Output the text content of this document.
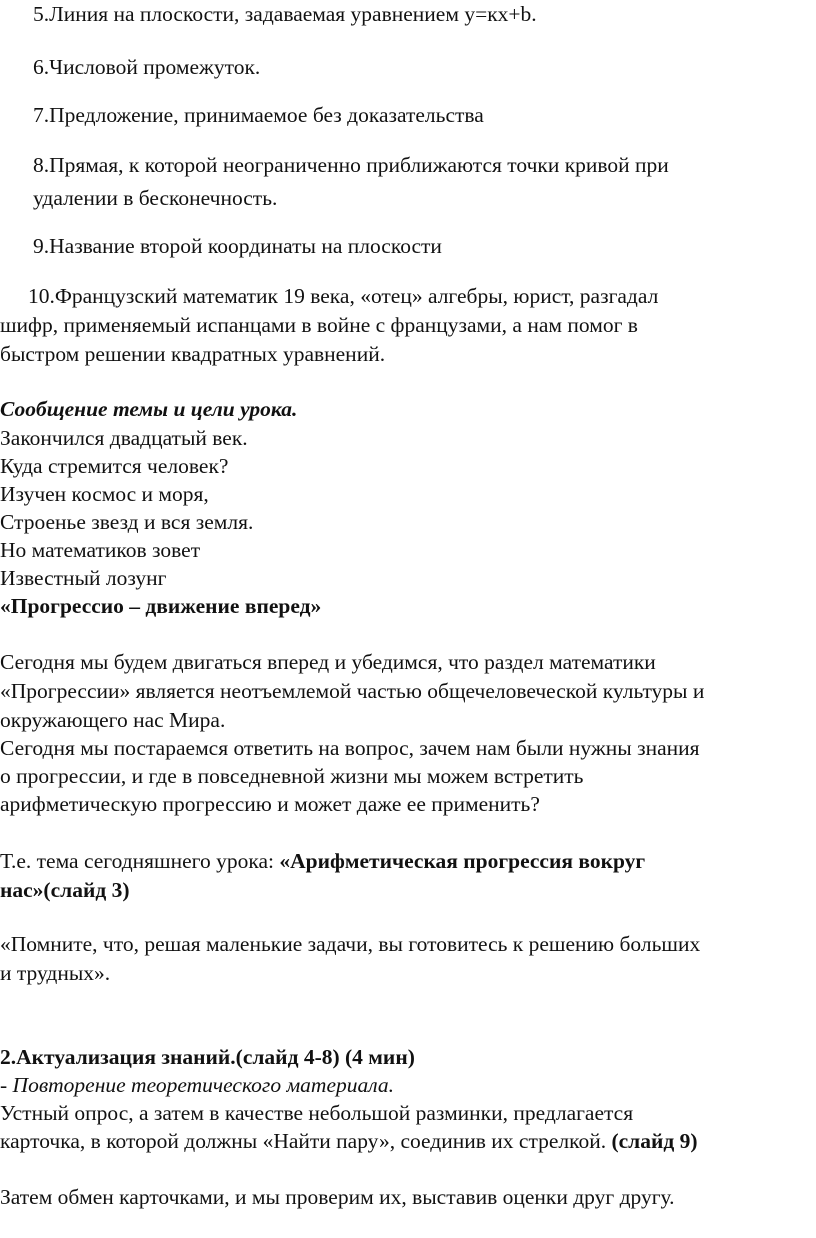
5.Линия на плоскости, задаваемая уравнением y=кх+b.
6.Числовой промежуток.
7.Предложение, принимаемое без доказательства
8.Прямая, к которой неограниченно приближаются точки кривой при
удалении в бесконечность.
9.Название второй координаты на плоскости
10.Французский математик 19 века, «отец» алгебры, юрист, разгадал
шифр, применяемый испанцами в войне с французами, а нам помог в
быстром решении квадратных уравнений.
Сообщение темы и цели урока.
Закончился двадцатый век.
Куда стремится человек?
Изучен космос и моря,
Строенье звезд и вся земля.
Но математиков зовет
Известный лозунг
«Прогрессио – движение вперед»
Сегодня мы будем двигаться вперед и убедимся, что раздел математики
«Прогрессии» является неотъемлемой частью общечеловеческой культуры и
окружающего нас Мира.
Сегодня мы постараемся ответить на вопрос, зачем нам были нужны знания
о прогрессии, и где в повседневной жизни мы можем встретить
арифметическую прогрессию и может даже ее применить?
Т.е. тема сегодняшнего урока: «Арифметическая прогрессия вокруг
нас»(слайд 3)
«Помните, что, решая маленькие задачи, вы готовитесь к решению больших
и трудных».
2.Актуализация знаний.(слайд 4-8) (4 мин)
- Повторение теоретического материала.
Устный опрос, а затем в качестве небольшой разминки, предлагается
карточка, в которой должны «Найти пару», соединив их стрелкой. (слайд 9)
Затем обмен карточками, и мы проверим их, выставив оценки друг другу.
